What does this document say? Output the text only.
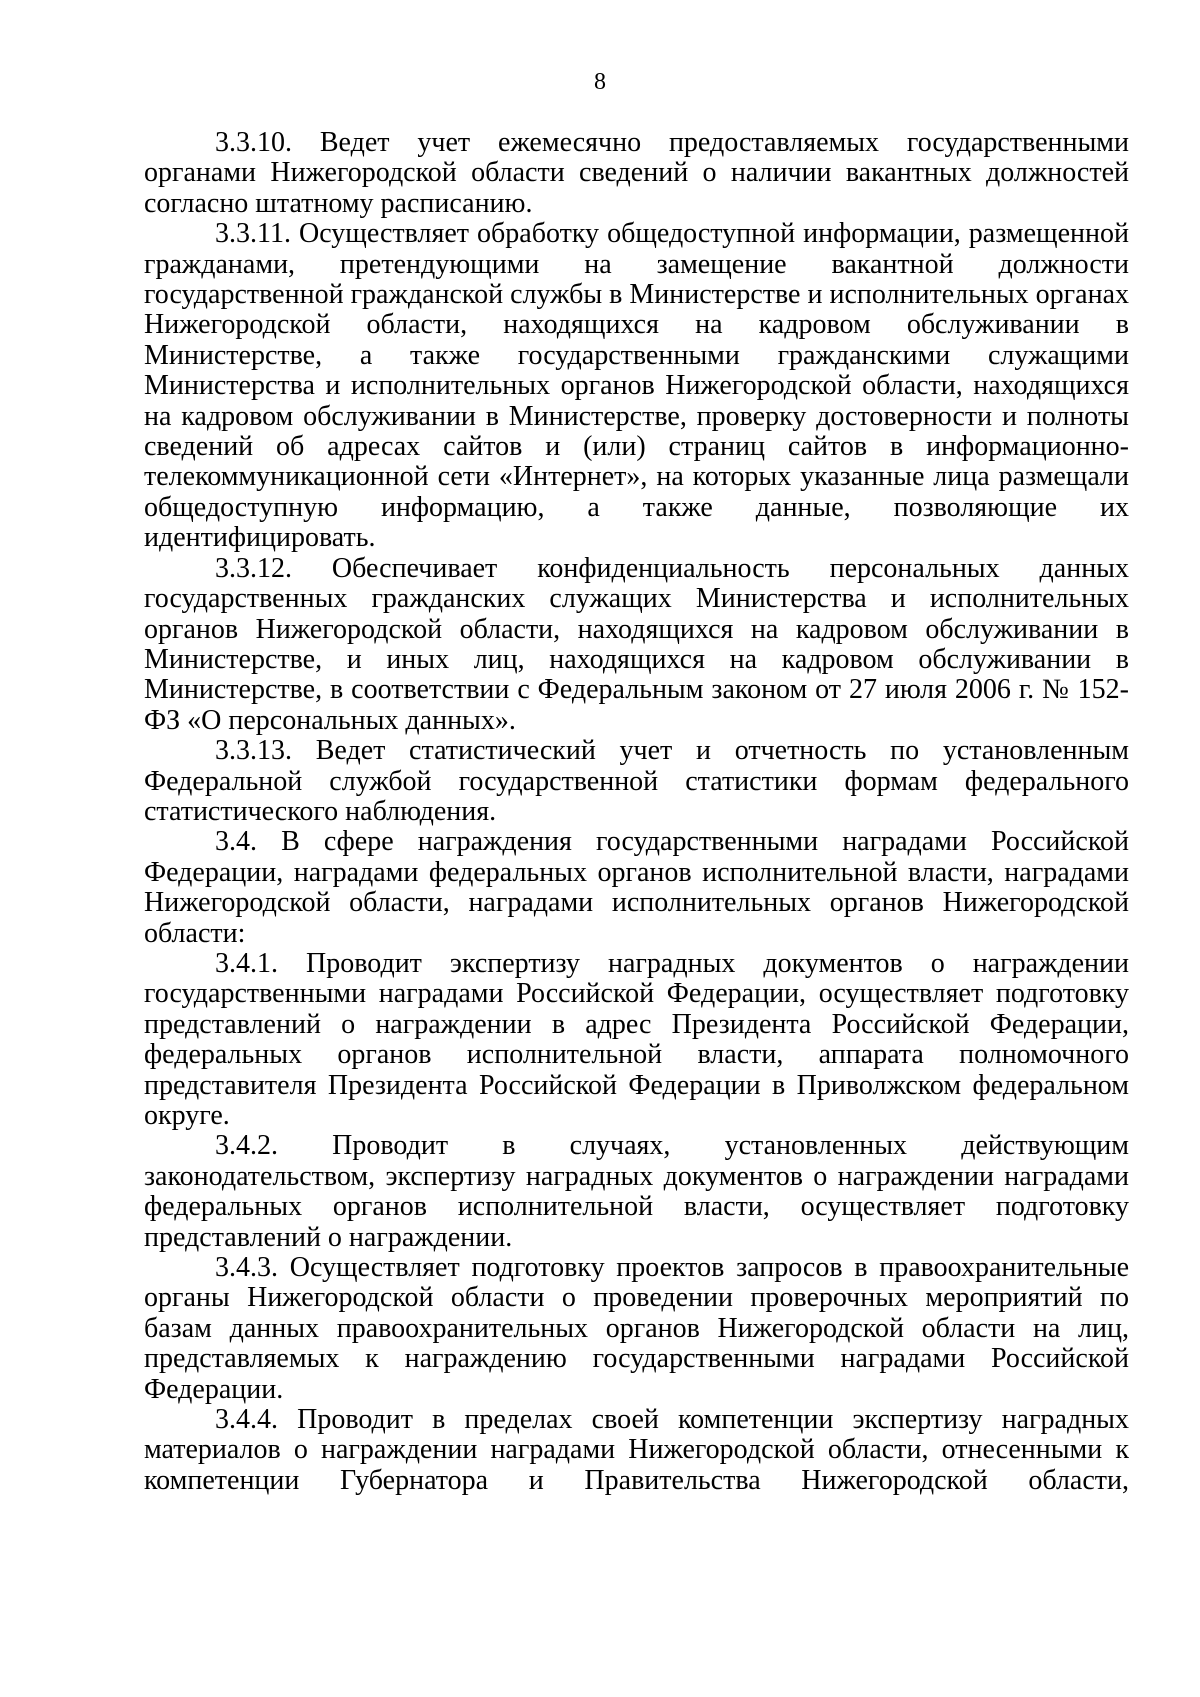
8

3.3.10. Ведет учет ежемесячно предоставляемых государственными органами Нижегородской области сведений о наличии вакантных должностей согласно штатному расписанию.

3.3.11. Осуществляет обработку общедоступной информации, размещенной гражданами, претендующими на замещение вакантной должности государственной гражданской службы в Министерстве и исполнительных органах Нижегородской области, находящихся на кадровом обслуживании в Министерстве, а также государственными гражданскими служащими Министерства и исполнительных органов Нижегородской области, находящихся на кадровом обслуживании в Министерстве, проверку достоверности и полноты сведений об адресах сайтов и (или) страниц сайтов в информационно-телекоммуникационной сети «Интернет», на которых указанные лица размещали общедоступную информацию, а также данные, позволяющие их идентифицировать.

3.3.12. Обеспечивает конфиденциальность персональных данных государственных гражданских служащих Министерства и исполнительных органов Нижегородской области, находящихся на кадровом обслуживании в Министерстве, и иных лиц, находящихся на кадровом обслуживании в Министерстве, в соответствии с Федеральным законом от 27 июля 2006 г. № 152-ФЗ «О персональных данных».

3.3.13. Ведет статистический учет и отчетность по установленным Федеральной службой государственной статистики формам федерального статистического наблюдения.

3.4. В сфере награждения государственными наградами Российской Федерации, наградами федеральных органов исполнительной власти, наградами Нижегородской области, наградами исполнительных органов Нижегородской области:

3.4.1. Проводит экспертизу наградных документов о награждении государственными наградами Российской Федерации, осуществляет подготовку представлений о награждении в адрес Президента Российской Федерации, федеральных органов исполнительной власти, аппарата полномочного представителя Президента Российской Федерации в Приволжском федеральном округе.

3.4.2. Проводит в случаях, установленных действующим законодательством, экспертизу наградных документов о награждении наградами федеральных органов исполнительной власти, осуществляет подготовку представлений о награждении.

3.4.3. Осуществляет подготовку проектов запросов в правоохранительные органы Нижегородской области о проведении проверочных мероприятий по базам данных правоохранительных органов Нижегородской области на лиц, представляемых к награждению государственными наградами Российской Федерации.

3.4.4. Проводит в пределах своей компетенции экспертизу наградных материалов о награждении наградами Нижегородской области, отнесенными к компетенции Губернатора и Правительства Нижегородской области,
